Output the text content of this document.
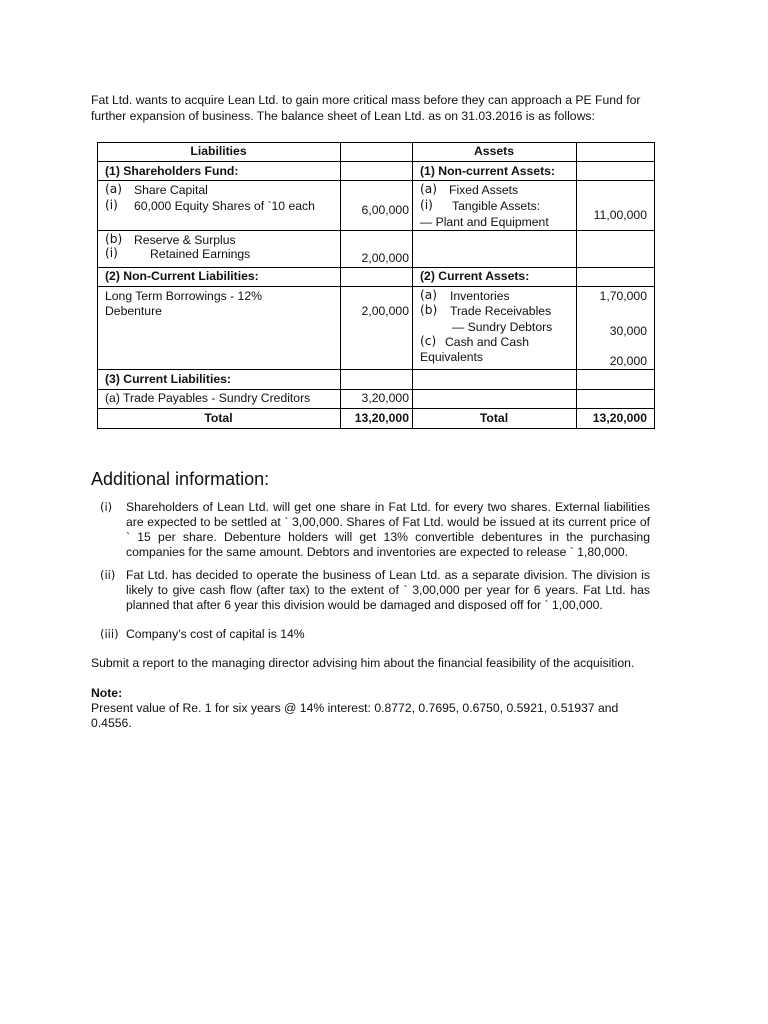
Fat Ltd. wants to acquire Lean Ltd. to gain more critical mass before they can approach a PE Fund for further expansion of business. The balance sheet of Lean Ltd. as on 31.03.2016 is as follows:

Liabilities	Assets
(1) Shareholders Fund:
(a) Share Capital
(i) 60,000 Equity Shares of `10 each
(b) Reserve & Surplus
(i)	Retained Earnings
(2) Non-Current Liabilities:
Long Term Borrowings - 12%
Debenture
(3) Current Liabilities:
(a) Trade Payables - Sundry Creditors
Total
6,00,000
2,00,000
2,00,000
3,20,000
13,20,000
(1) Non-current Assets:
(a) Fixed Assets
(i) Tangible Assets:
— Plant and Equipment
(2) Current Assets:
(a) Inventories
(b) Trade Receivables
— Sundry Debtors
(c) Cash and Cash
Equivalents
Total
11,00,000
1,70,000
30,000
20,000
13,20,000
Additional information:
(i) Shareholders of Lean Ltd. will get one share in Fat Ltd. for every two shares. External liabilities are expected to be settled at ` 3,00,000. Shares of Fat Ltd. would be issued at its current price of ` 15 per share. Debenture holders will get 13% convertible debentures in the purchasing companies for the same amount. Debtors and inventories are expected to release ` 1,80,000.
(ii) Fat Ltd. has decided to operate the business of Lean Ltd. as a separate division. The division is likely to give cash flow (after tax) to the extent of ` 3,00,000 per year for 6 years. Fat Ltd. has planned that after 6 year this division would be damaged and disposed off for ` 1,00,000.
(iii) Company’s cost of capital is 14%

Submit a report to the managing director advising him about the financial feasibility of the acquisition.

Note:

Present value of Re. 1 for six years @ 14% interest: 0.8772, 0.7695, 0.6750, 0.5921, 0.51937 and 0.4556.
